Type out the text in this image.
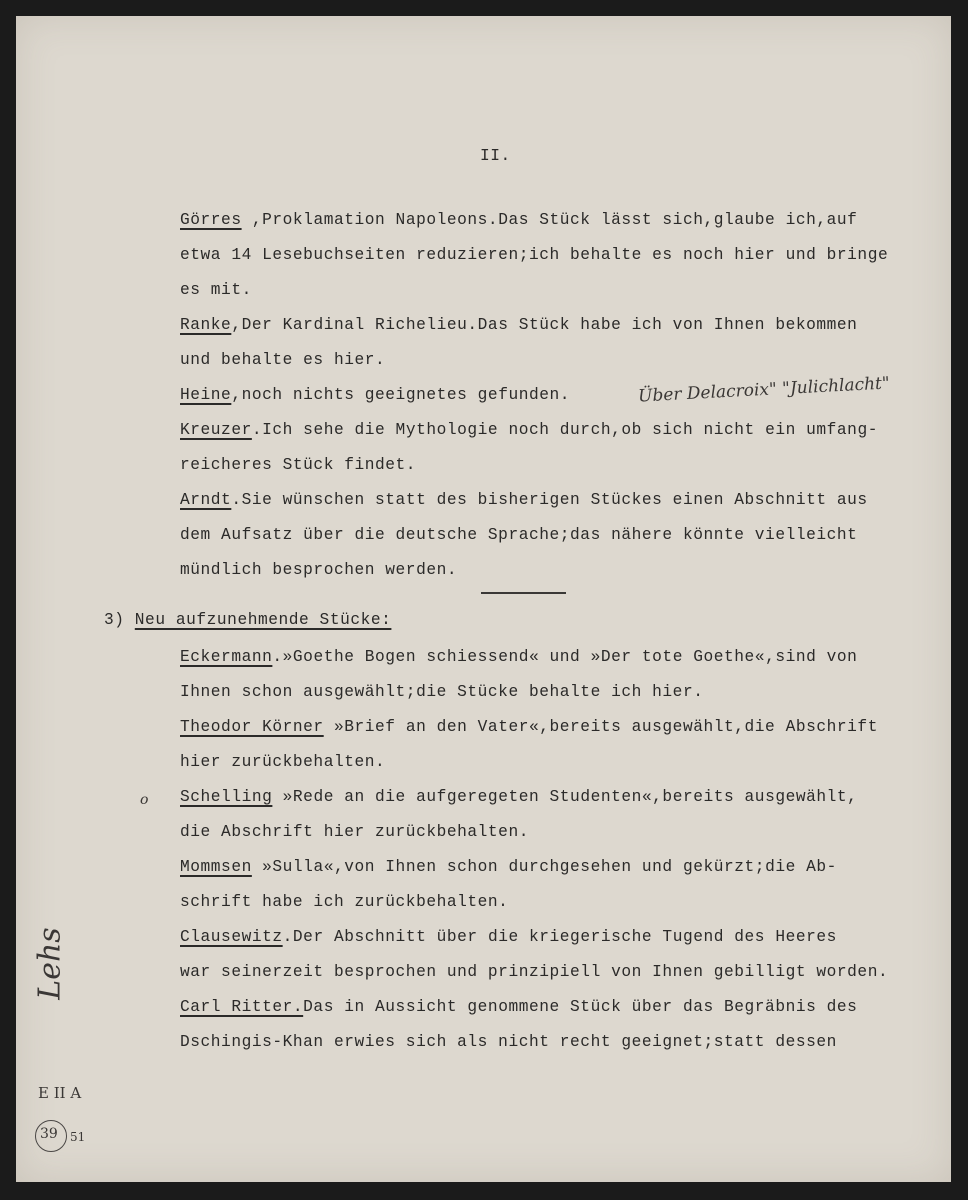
II.
Görres ,Proklamation Napoleons.Das Stück lässt sich,glaube ich,auf
etwa 14 Lesebuchseiten reduzieren;ich behalte es noch hier und bringe
es mit.
Ranke,Der Kardinal Richelieu.Das Stück habe ich von Ihnen bekommen
und behalte es hier.
Heine,noch nichts geeignetes gefunden.	Über Delacroix" "Julichlacht"
Kreuzer.Ich sehe die Mythologie noch durch,ob sich nicht ein umfang-
reicheres Stück findet.
Arndt.Sie wünschen statt des bisherigen Stückes einen Abschnitt aus
dem Aufsatz über die deutsche Sprache;das nähere könnte vielleicht
mündlich besprochen werden.
3) Neu aufzunehmende Stücke:
Eckermann.»Goethe Bogen schiessend« und »Der tote Goethe«,sind von
Ihnen schon ausgewählt;die Stücke behalte ich hier.
Theodor Körner »Brief an den Vater«,bereits ausgewählt,die Abschrift
hier zurückbehalten.
o Schelling »Rede an die aufgeregeten Studenten«,bereits ausgewählt,
die Abschrift hier zurückbehalten.
Mommsen »Sulla«,von Ihnen schon durchgesehen und gekürzt;die Ab-
schrift habe ich zurückbehalten.
Clausewitz.Der Abschnitt über die kriegerische Tugend des Heeres
war seinerzeit besprochen und prinzipiell von Ihnen gebilligt worden.
Carl Ritter.Das in Aussicht genommene Stück über das Begräbnis des
Dschingis-Khan erwies sich als nicht recht geeignet;statt dessen
Lehs
E II A
39 51
